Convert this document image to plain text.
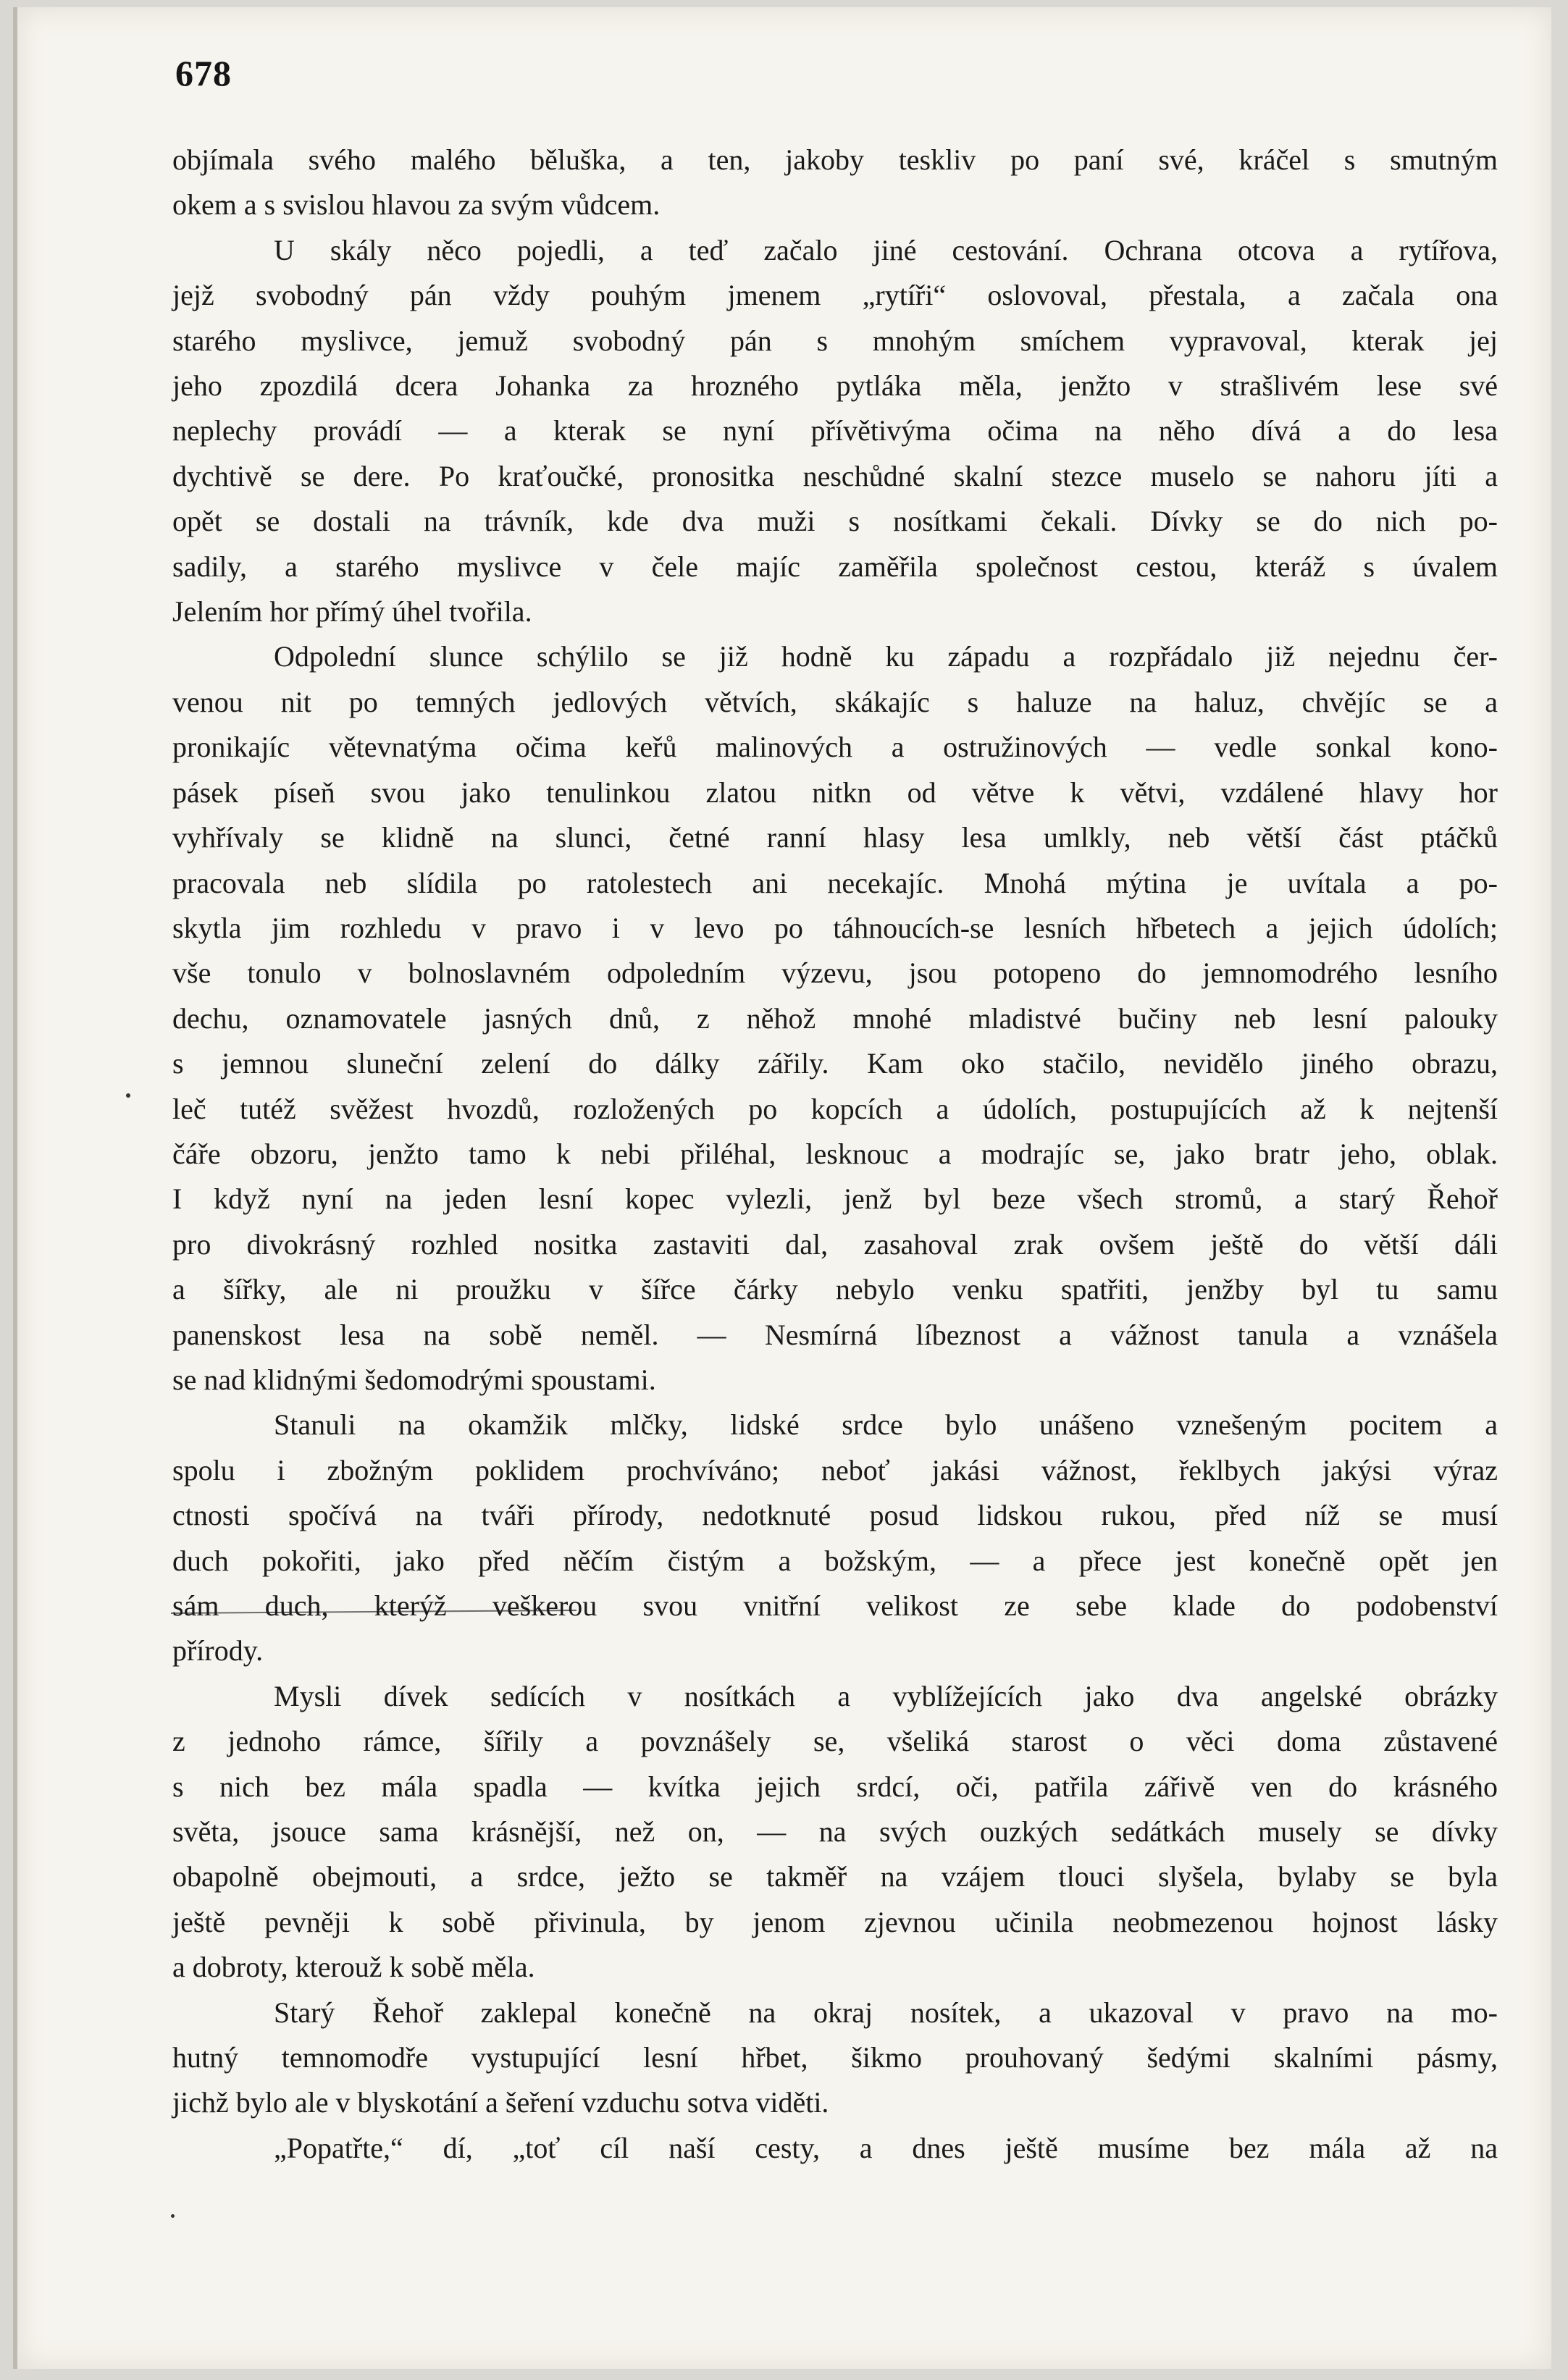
678
objímala svého malého běluška, a ten, jakoby teskliv po paní své, kráčel s smutným
okem a s svislou hlavou za svým vůdcem.
U skály něco pojedli, a teď začalo jiné cestování. Ochrana otcova a rytířova,
jejž svobodný pán vždy pouhým jmenem „rytíři“ oslovoval, přestala, a začala ona
starého myslivce, jemuž svobodný pán s mnohým smíchem vypravoval, kterak jej
jeho zpozdilá dcera Johanka za hrozného pytláka měla, jenžto v strašlivém lese své
neplechy provádí — a kterak se nyní přívětivýma očima na něho dívá a do lesa
dychtivě se dere. Po kraťoučké, pronositka neschůdné skalní stezce muselo se nahoru jíti a
opět se dostali na trávník, kde dva muži s nosítkami čekali. Dívky se do nich po-
sadily, a starého myslivce v čele majíc zaměřila společnost cestou, kteráž s úvalem
Jelením hor přímý úhel tvořila.
Odpolední slunce schýlilo se již hodně ku západu a rozpřádalo již nejednu čer-
venou nit po temných jedlových větvích, skákajíc s haluze na haluz, chvějíc se a
pronikajíc větevnatýma očima keřů malinových a ostružinových — vedle sonkal kono-
pásek píseň svou jako tenulinkou zlatou nitkn od větve k větvi, vzdálené hlavy hor
vyhřívaly se klidně na slunci, četné ranní hlasy lesa umlkly, neb větší část ptáčků
pracovala neb slídila po ratolestech ani necekajíc. Mnohá mýtina je uvítala a po-
skytla jim rozhledu v pravo i v levo po táhnoucích-se lesních hřbetech a jejich údolích;
vše tonulo v bolnoslavném odpoledním výzevu, jsou potopeno do jemnomodrého lesního
dechu, oznamovatele jasných dnů, z něhož mnohé mladistvé bučiny neb lesní palouky
s jemnou sluneční zelení do dálky zářily. Kam oko stačilo, nevidělo jiného obrazu,
leč tutéž svěžest hvozdů, rozložených po kopcích a údolích, postupujících až k nejtenší
čáře obzoru, jenžto tamo k nebi přiléhal, lesknouc a modrajíc se, jako bratr jeho, oblak.
I když nyní na jeden lesní kopec vylezli, jenž byl beze všech stromů, a starý Řehoř
pro divokrásný rozhled nositka zastaviti dal, zasahoval zrak ovšem ještě do větší dáli
a šířky, ale ni proužku v šířce čárky nebylo venku spatřiti, jenžby byl tu samu
panenskost lesa na sobě neměl. — Nesmírná líbeznost a vážnost tanula a vznášela
se nad klidnými šedomodrými spoustami.
Stanuli na okamžik mlčky, lidské srdce bylo unášeno vznešeným pocitem a
spolu i zbožným poklidem prochvíváno; neboť jakási vážnost, řeklbych jakýsi výraz
ctnosti spočívá na tváři přírody, nedotknuté posud lidskou rukou, před níž se musí
duch pokořiti, jako před něčím čistým a božským, — a přece jest konečně opět jen
sám duch, kterýž veškerou svou vnitřní velikost ze sebe klade do podobenství
přírody.
Mysli dívek sedících v nosítkách a vyblížejících jako dva angelské obrázky
z jednoho rámce, šířily a povznášely se, všeliká starost o věci doma zůstavené
s nich bez mála spadla — kvítka jejich srdcí, oči, patřila zářivě ven do krásného
světa, jsouce sama krásnější, než on, — na svých ouzkých sedátkách musely se dívky
obapolně obejmouti, a srdce, ježto se takměř na vzájem tlouci slyšela, bylaby se byla
ještě pevněji k sobě přivinula, by jenom zjevnou učinila neobmezenou hojnost lásky
a dobroty, kterouž k sobě měla.
Starý Řehoř zaklepal konečně na okraj nosítek, a ukazoval v pravo na mo-
hutný temnomodře vystupující lesní hřbet, šikmo prouhovaný šedými skalními pásmy,
jichž bylo ale v blyskotání a šeření vzduchu sotva viděti.
„Popatřte,“ dí, „toť cíl naší cesty, a dnes ještě musíme bez mála až na
